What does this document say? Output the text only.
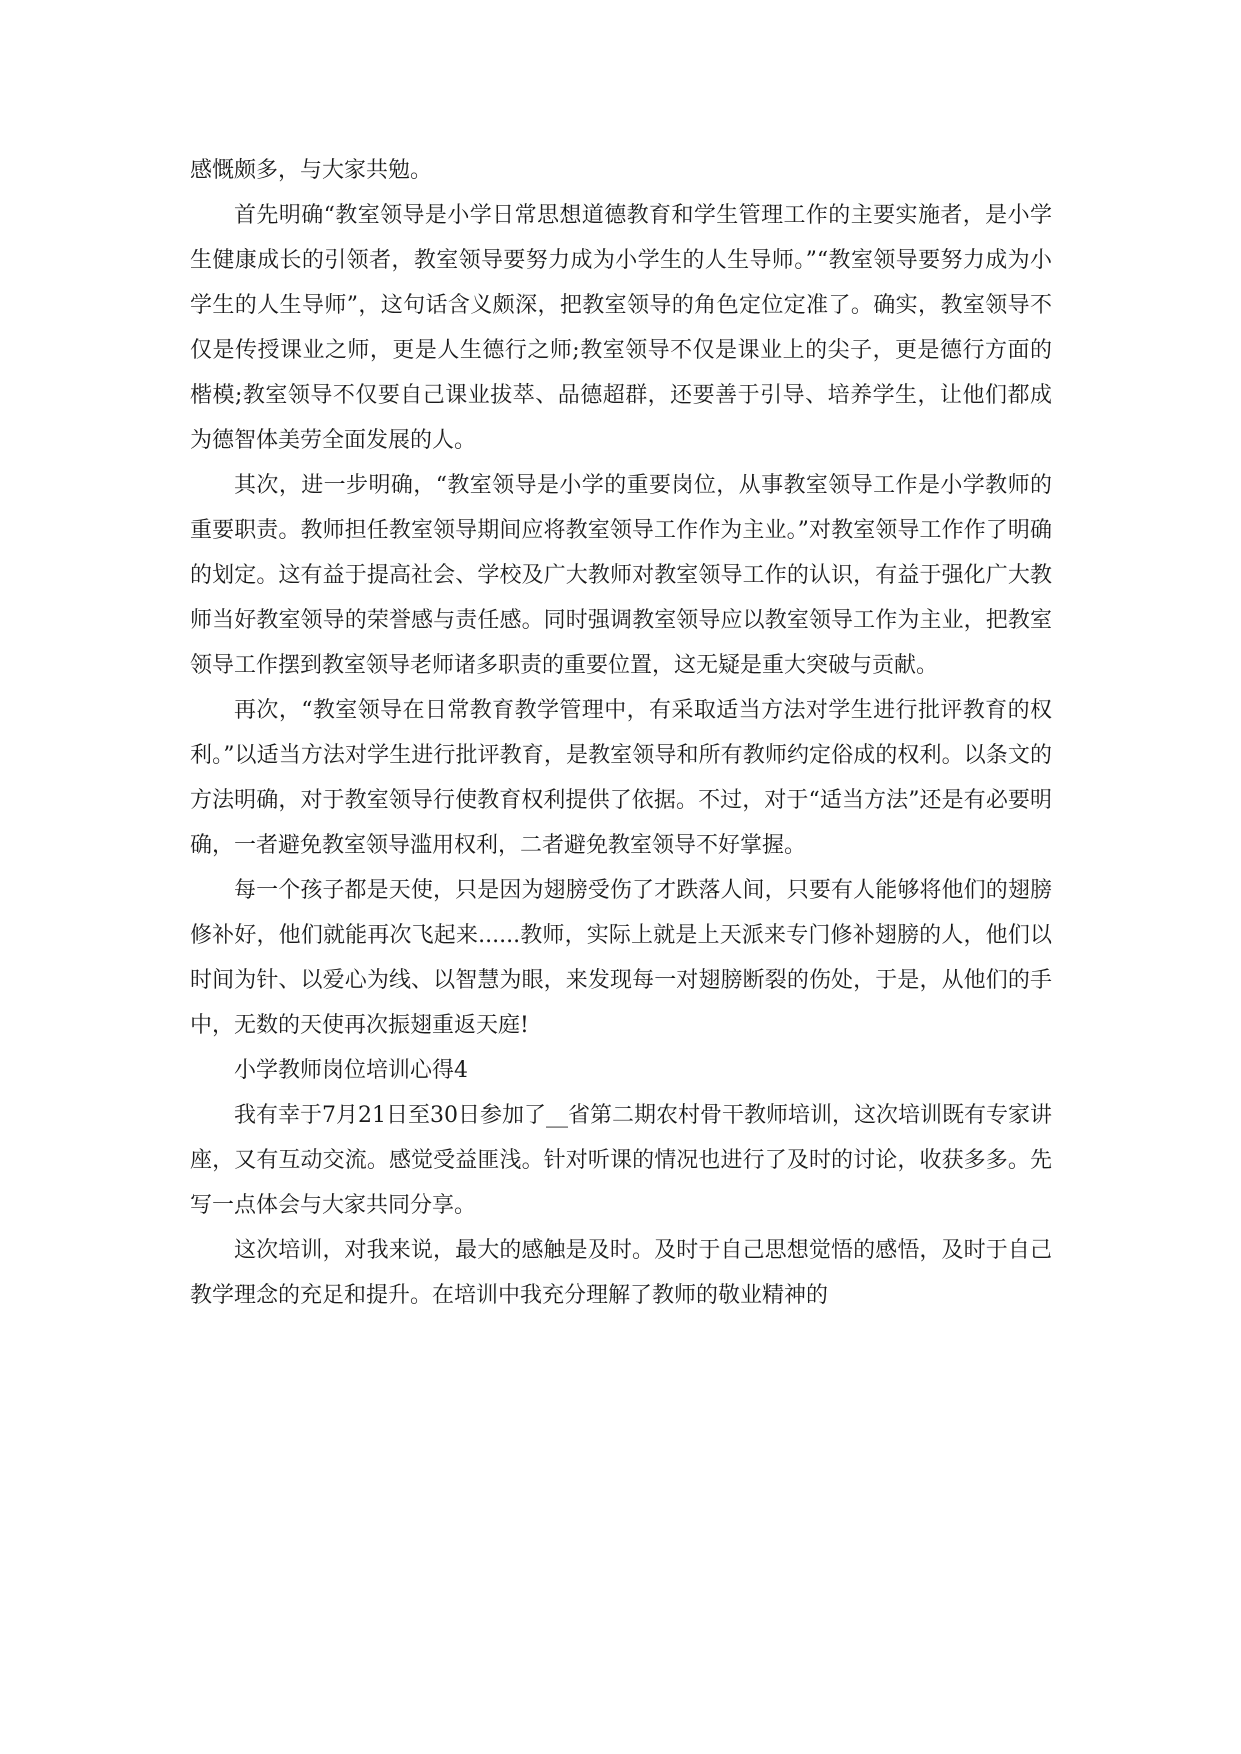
感慨颇多，与大家共勉。

首先明确“教室领导是小学日常思想道德教育和学生管理工作的主要实施者，是小学生健康成长的引领者，教室领导要努力成为小学生的人生导师。”“教室领导要努力成为小学生的人生导师”，这句话含义颇深，把教室领导的角色定位定准了。确实，教室领导不仅是传授课业之师，更是人生德行之师;教室领导不仅是课业上的尖子，更是德行方面的楷模;教室领导不仅要自己课业拔萃、品德超群，还要善于引导、培养学生，让他们都成为德智体美劳全面发展的人。

其次，进一步明确，“教室领导是小学的重要岗位，从事教室领导工作是小学教师的重要职责。教师担任教室领导期间应将教室领导工作作为主业。”对教室领导工作作了明确的划定。这有益于提高社会、学校及广大教师对教室领导工作的认识，有益于强化广大教师当好教室领导的荣誉感与责任感。同时强调教室领导应以教室领导工作为主业，把教室领导工作摆到教室领导老师诸多职责的重要位置，这无疑是重大突破与贡献。

再次，“教室领导在日常教育教学管理中，有采取适当方法对学生进行批评教育的权利。”以适当方法对学生进行批评教育，是教室领导和所有教师约定俗成的权利。以条文的方法明确，对于教室领导行使教育权利提供了依据。不过，对于“适当方法”还是有必要明确，一者避免教室领导滥用权利，二者避免教室领导不好掌握。

每一个孩子都是天使，只是因为翅膀受伤了才跌落人间，只要有人能够将他们的翅膀修补好，他们就能再次飞起来......教师，实际上就是上天派来专门修补翅膀的人，他们以时间为针、以爱心为线、以智慧为眼，来发现每一对翅膀断裂的伤处，于是，从他们的手中，无数的天使再次振翅重返天庭!

小学教师岗位培训心得4

我有幸于7月21日至30日参加了__省第二期农村骨干教师培训，这次培训既有专家讲座，又有互动交流。感觉受益匪浅。针对听课的情况也进行了及时的讨论，收获多多。先写一点体会与大家共同分享。

这次培训，对我来说，最大的感触是及时。及时于自己思想觉悟的感悟，及时于自己教学理念的充足和提升。在培训中我充分理解了教师的敬业精神的
